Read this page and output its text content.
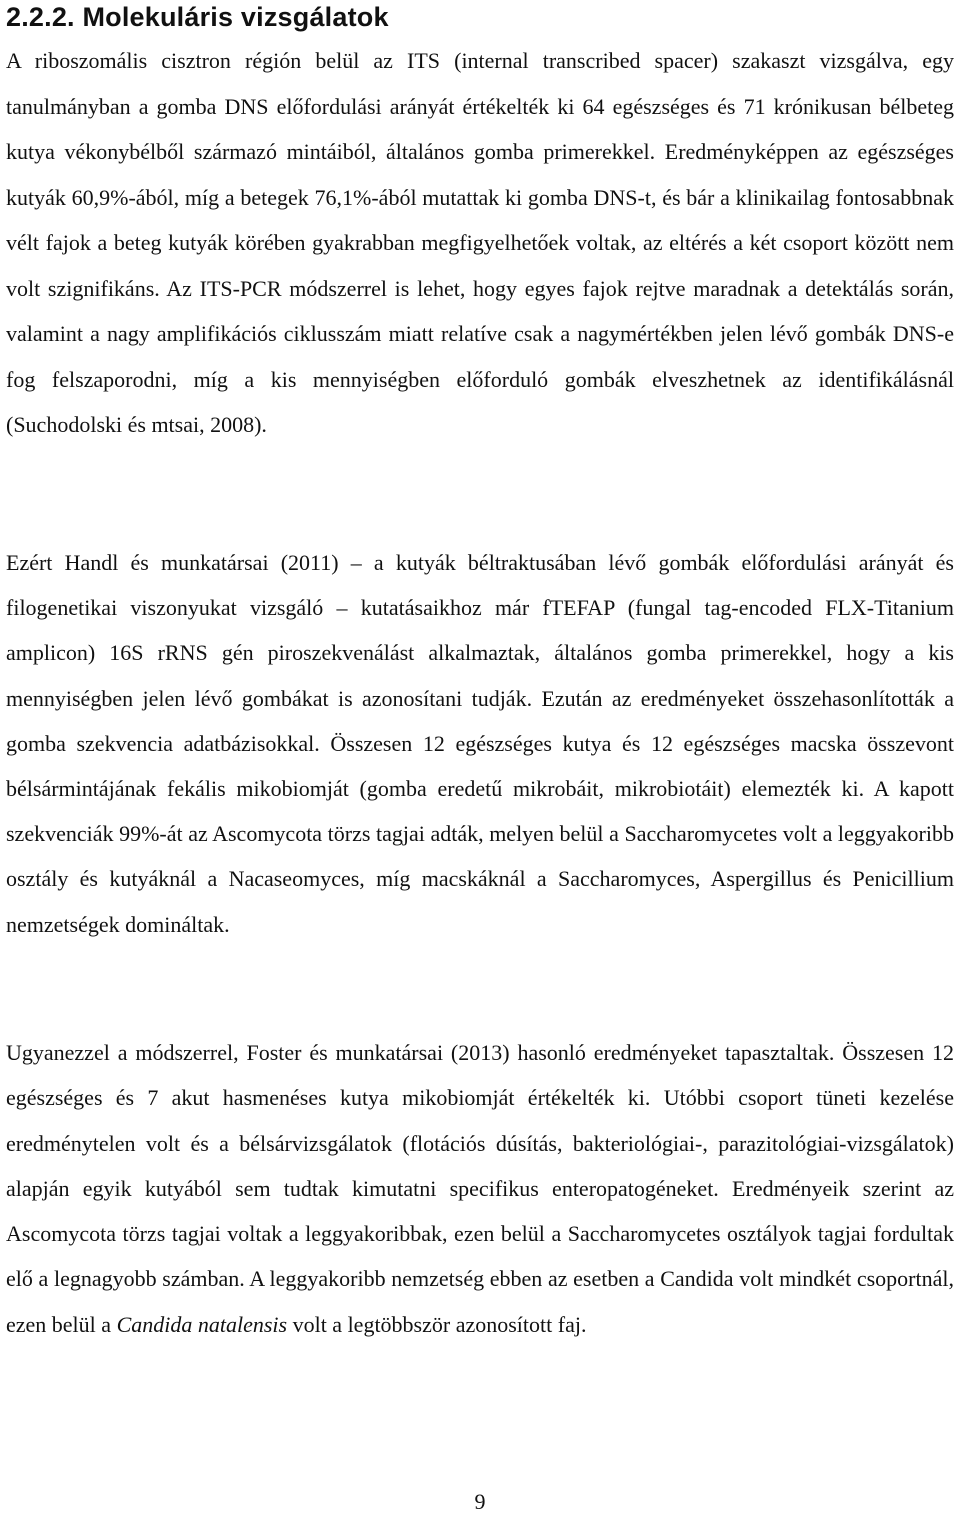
2.2.2. Molekuláris vizsgálatok

A riboszomális cisztron régión belül az ITS (internal transcribed spacer) szakaszt vizsgálva, egy tanulmányban a gomba DNS előfordulási arányát értékelték ki 64 egészséges és 71 krónikusan bélbeteg kutya vékonybélből származó mintáiból, általános gomba primerekkel. Eredményképpen az egészséges kutyák 60,9%-ából, míg a betegek 76,1%-ából mutattak ki gomba DNS-t, és bár a klinikailag fontosabbnak vélt fajok a beteg kutyák körében gyakrabban megfigyelhetőek voltak, az eltérés a két csoport között nem volt szignifikáns. Az ITS-PCR módszerrel is lehet, hogy egyes fajok rejtve maradnak a detektálás során, valamint a nagy amplifikációs ciklusszám miatt relatíve csak a nagymértékben jelen lévő gombák DNS-e fog felszaporodni, míg a kis mennyiségben előforduló gombák elveszhetnek az identifikálásnál (Suchodolski és mtsai, 2008).

Ezért Handl és munkatársai (2011) – a kutyák béltraktusában lévő gombák előfordulási arányát és filogenetikai viszonyukat vizsgáló – kutatásaikhoz már fTEFAP (fungal tag-encoded FLX-Titanium amplicon) 16S rRNS gén piroszekvenálást alkalmaztak, általános gomba primerekkel, hogy a kis mennyiségben jelen lévő gombákat is azonosítani tudják. Ezután az eredményeket összehasonlították a gomba szekvencia adatbázisokkal. Összesen 12 egészséges kutya és 12 egészséges macska összevont bélsármintájának fekális mikobiomját (gomba eredetű mikrobáit, mikrobiotáit) elemezték ki. A kapott szekvenciák 99%-át az Ascomycota törzs tagjai adták, melyen belül a Saccharomycetes volt a leggyakoribb osztály és kutyáknál a Nacaseomyces, míg macskáknál a Saccharomyces, Aspergillus és Penicillium nemzetségek domináltak.

Ugyanezzel a módszerrel, Foster és munkatársai (2013) hasonló eredményeket tapasztaltak. Összesen 12 egészséges és 7 akut hasmenéses kutya mikobiomját értékelték ki. Utóbbi csoport tüneti kezelése eredménytelen volt és a bélsárvizsgálatok (flotációs dúsítás, bakteriológiai-, parazitológiai-vizsgálatok) alapján egyik kutyából sem tudtak kimutatni specifikus enteropatogéneket. Eredményeik szerint az Ascomycota törzs tagjai voltak a leggyakoribbak, ezen belül a Saccharomycetes osztályok tagjai fordultak elő a legnagyobb számban. A leggyakoribb nemzetség ebben az esetben a Candida volt mindkét csoportnál, ezen belül a Candida natalensis volt a legtöbbször azonosított faj.

9
